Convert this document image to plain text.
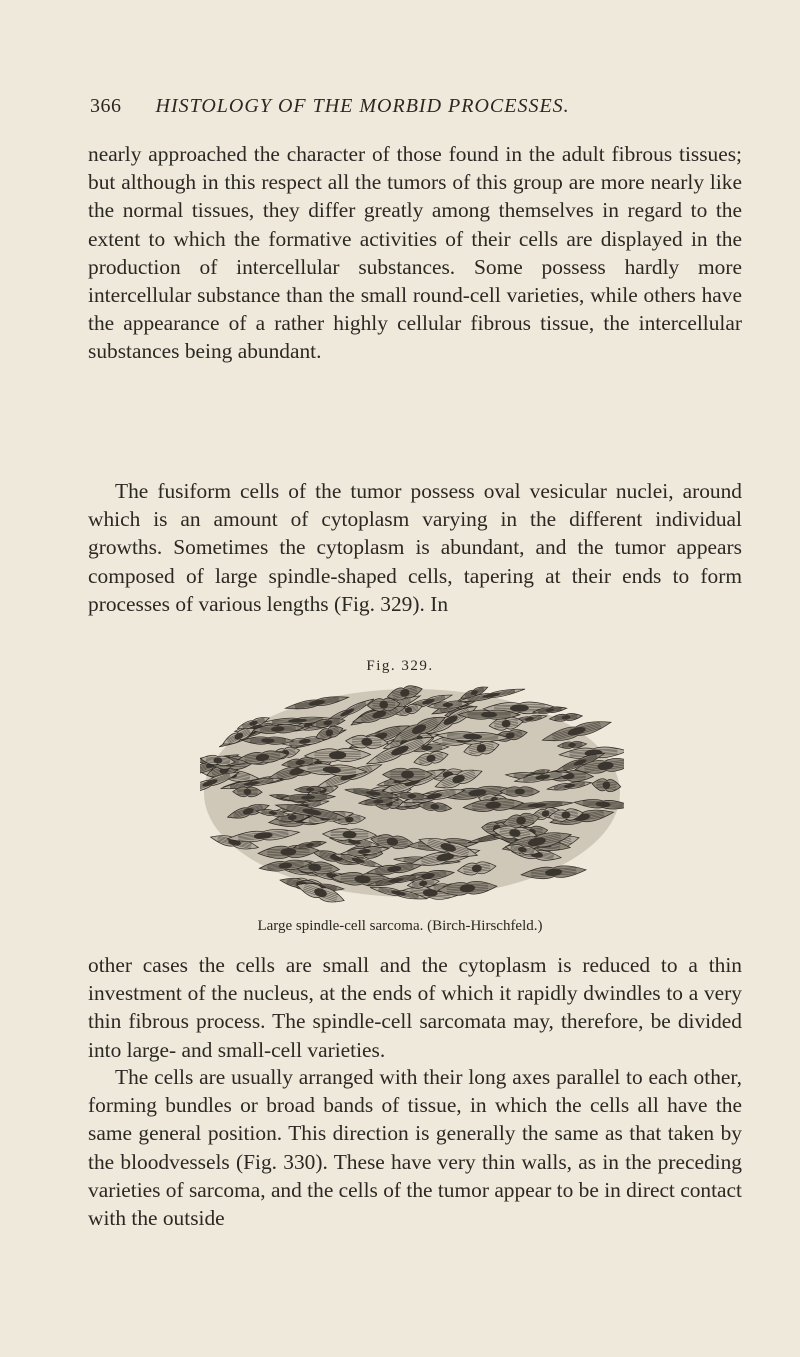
366 HISTOLOGY OF THE MORBID PROCESSES.

nearly approached the character of those found in the adult fibrous tissues; but although in this respect all the tumors of this group are more nearly like the normal tissues, they differ greatly among themselves in regard to the extent to which the formative activities of their cells are displayed in the production of intercellular substances. Some possess hardly more intercellular substance than the small round-cell varieties, while others have the appearance of a rather highly cellular fibrous tissue, the intercellular substances being abundant.

The fusiform cells of the tumor possess oval vesicular nuclei, around which is an amount of cytoplasm varying in the different individual growths. Sometimes the cytoplasm is abundant, and the tumor appears composed of large spindle-shaped cells, tapering at their ends to form processes of various lengths (Fig. 329). In

Fig. 329.
Large spindle-cell sarcoma. (Birch-Hirschfeld.)

other cases the cells are small and the cytoplasm is reduced to a thin investment of the nucleus, at the ends of which it rapidly dwindles to a very thin fibrous process. The spindle-cell sarcomata may, therefore, be divided into large- and small-cell varieties.

The cells are usually arranged with their long axes parallel to each other, forming bundles or broad bands of tissue, in which the cells all have the same general position. This direction is generally the same as that taken by the bloodvessels (Fig. 330). These have very thin walls, as in the preceding varieties of sarcoma, and the cells of the tumor appear to be in direct contact with the outside
